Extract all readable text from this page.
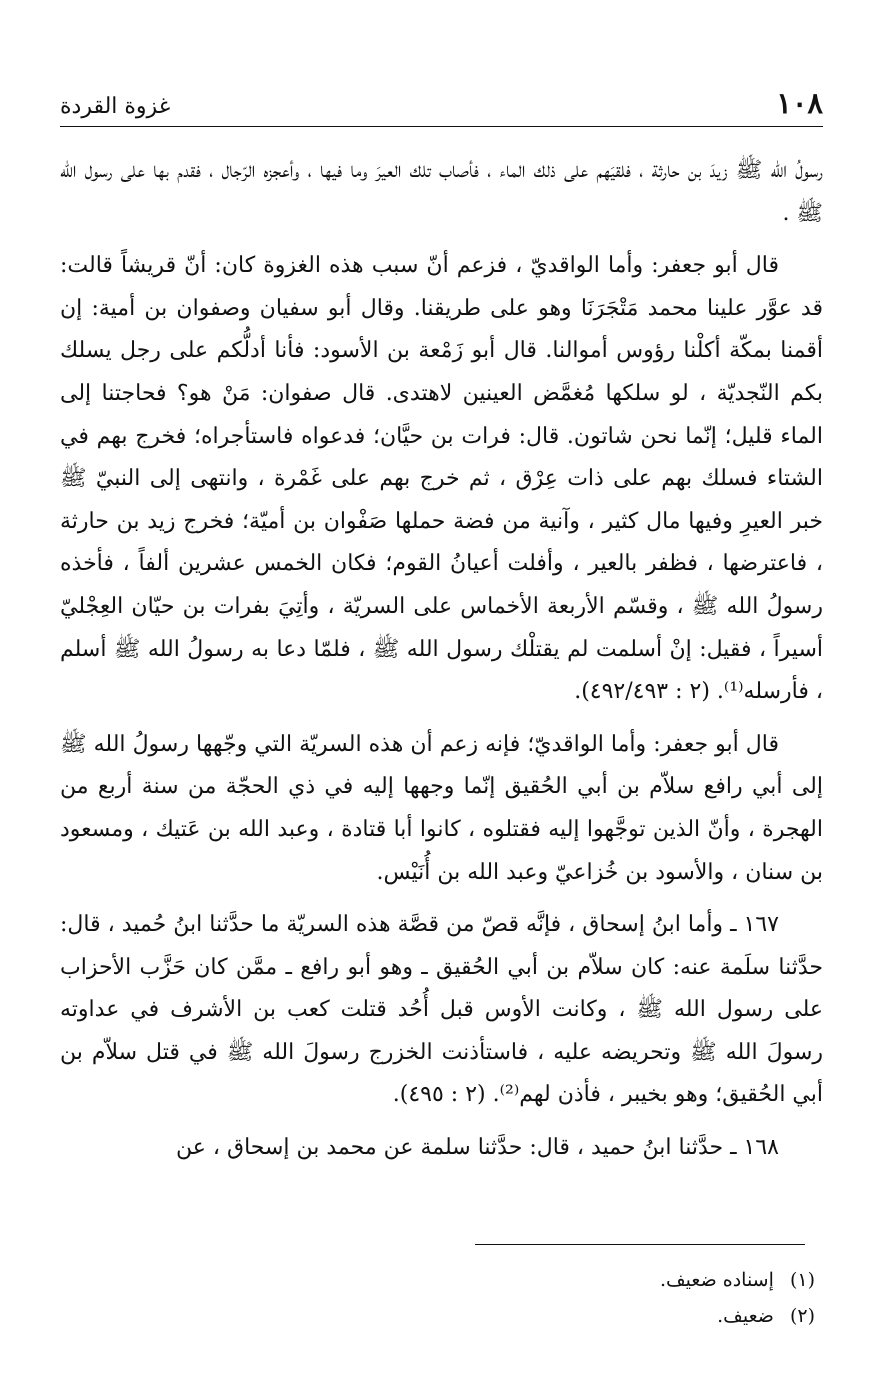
١٠٨
غزوة القردة

رسولُ الله ﷺ زيدَ بن حارثة ، فلقيَهم على ذلك الماء ، فأصاب تلك العيرَ وما فيها ، وأعجزه الرّجال ، فقدم بها على رسول الله ﷺ .

قال أبو جعفر: وأما الواقديّ ، فزعم أنّ سبب هذه الغزوة كان: أنّ قريشاً قالت: قد عوَّر علينا محمد مَتْجَرَنَا وهو على طريقنا. وقال أبو سفيان وصفوان بن أمية: إن أقمنا بمكّة أكلْنا رؤوس أموالنا. قال أبو زَمْعة بن الأسود: فأنا أدلُّكم على رجل يسلك بكم النّجديّة ، لو سلكها مُغمَّض العينين لاهتدى. قال صفوان: مَنْ هو؟ فحاجتنا إلى الماء قليل؛ إنّما نحن شاتون. قال: فرات بن حيَّان؛ فدعواه فاستأجراه؛ فخرج بهم في الشتاء فسلك بهم على ذات عِرْق ، ثم خرج بهم على غَمْرة ، وانتهى إلى النبيّ ﷺ خبر العيرِ وفيها مال كثير ، وآنية من فضة حملها صَفْوان بن أميّة؛ فخرج زيد بن حارثة ، فاعترضها ، فظفر بالعير ، وأفلت أعيانُ القوم؛ فكان الخمس عشرين ألفاً ، فأخذه رسولُ الله ﷺ ، وقسّم الأربعة الأخماس على السريّة ، وأتِيَ بفرات بن حيّان العِجْليّ أسيراً ، فقيل: إنْ أسلمت لم يقتلْك رسول الله ﷺ ، فلمّا دعا به رسولُ الله ﷺ أسلم ، فأرسله⁽¹⁾. (٢ : ٤٩٢/٤٩٣).

قال أبو جعفر: وأما الواقديّ؛ فإنه زعم أن هذه السريّة التي وجّهها رسولُ الله ﷺ إلى أبي رافع سلاّم بن أبي الحُقيق إنّما وجهها إليه في ذي الحجّة من سنة أربع من الهجرة ، وأنّ الذين توجَّهوا إليه فقتلوه ، كانوا أبا قتادة ، وعبد الله بن عَتيك ، ومسعود بن سنان ، والأسود بن خُزاعيّ وعبد الله بن أُنَيْس.

١٦٧ ـ وأما ابنُ إسحاق ، فإنَّه قصّ من قصَّة هذه السريّة ما حدَّثنا ابنُ حُميد ، قال: حدَّثنا سلَمة عنه: كان سلاّم بن أبي الحُقيق ـ وهو أبو رافع ـ ممَّن كان حَزَّب الأحزاب على رسول الله ﷺ ، وكانت الأوس قبل أُحُد قتلت كعب بن الأشرف في عداوته رسولَ الله ﷺ وتحريضه عليه ، فاستأذنت الخزرج رسولَ الله ﷺ في قتل سلاّم بن أبي الحُقيق؛ وهو بخيبر ، فأذن لهم⁽²⁾. (٢ : ٤٩٥).

١٦٨ ـ حدَّثنا ابنُ حميد ، قال: حدَّثنا سلمة عن محمد بن إسحاق ، عن

(١) إسناده ضعيف.
(٢) ضعيف.
